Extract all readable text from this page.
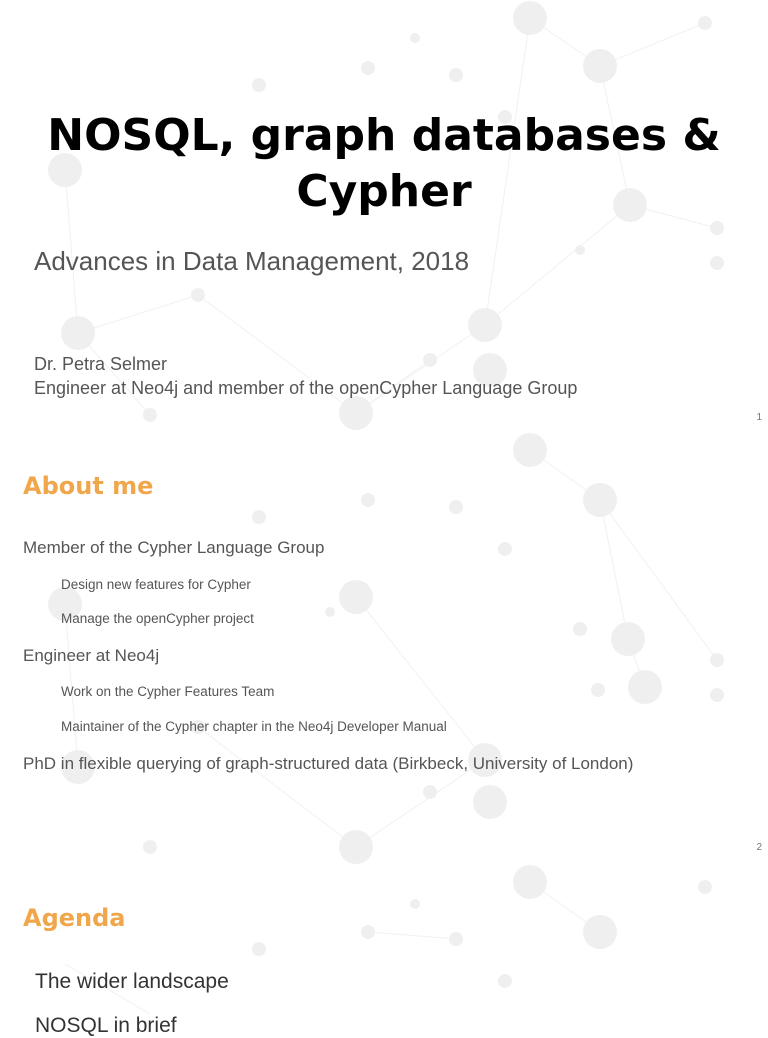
NOSQL, graph databases &
Cypher
Advances in Data Management, 2018
Dr. Petra Selmer
Engineer at Neo4j and member of the openCypher Language Group
1
About me
Member of the Cypher Language Group
Design new features for Cypher
Manage the openCypher project
Engineer at Neo4j
Work on the Cypher Features Team
Maintainer of the Cypher chapter in the Neo4j Developer Manual
PhD in flexible querying of graph-structured data (Birkbeck, University of London)
2
Agenda
The wider landscape
NOSQL in brief
